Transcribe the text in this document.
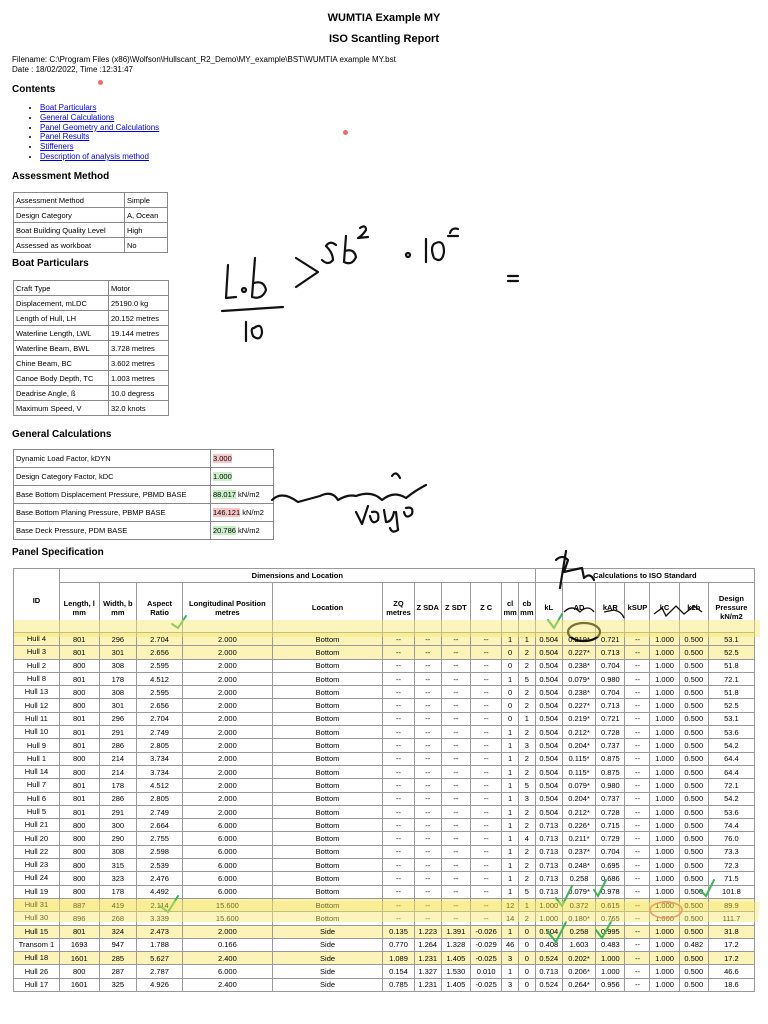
WUMTIA Example MY
ISO Scantling Report
Filename: C:\Program Files (x86)\Wolfson\Hullscant_R2_Demo\MY_example\BST\WUMTIA example MY.bst
Date : 18/02/2022, Time :12:31:47
Contents
• Boat Particulars
• General Calculations
• Panel Geometry and Calculations
• Panel Results
• Stiffeners
• Description of analysis method
Assessment Method
Assessment Method	Simple
Design Category	A, Ocean
Boat Building Quality Level	High
Assessed as workboat	No
Boat Particulars
Craft Type	Motor
Displacement, mLDC	25190.0 kg
Length of Hull, LH	20.152 metres
Waterline Length, LWL	19.144 metres
Waterline Beam, BWL	3.728 metres
Chine Beam, BC	3.602 metres
Canoe Body Depth, TC	1.003 metres
Deadrise Angle, ß	10.0 degress
Maximum Speed, V	32.0 knots
General Calculations
Dynamic Load Factor, kDYN	3.000
Design Category Factor, kDC	1.000
Base Bottom Displacement Pressure, PBMD BASE	88.017 kN/m2
Base Bottom Planing Pressure, PBMP BASE	146.121 kN/m2
Base Deck Pressure, PDM BASE	20.786 kN/m2
Panel Specification
ID	Dimensions and Location											Calculations to ISO Standard						
	Length, l mm	Width, b mm	Aspect Ratio	Longitudinal Position metres	Location	ZQ metres	Z SDA	Z SDT	Z C	cl mm	cb mm	kL	AD	kAR	kSUP	kC	k2b	Design Pressure kN/m2
Hull 4	801	296	2.704	2.000	Bottom	--	--	--	--	1	1	0.504	0.219*	0.721	--	1.000	0.500	53.1
Hull 3	801	301	2.656	2.000	Bottom	--	--	--	--	0	2	0.504	0.227*	0.713	--	1.000	0.500	52.5
Hull 2	800	308	2.595	2.000	Bottom	--	--	--	--	0	2	0.504	0.238*	0.704	--	1.000	0.500	51.8
Hull 8	801	178	4.512	2.000	Bottom	--	--	--	--	1	5	0.504	0.079*	0.980	--	1.000	0.500	72.1
Hull 13	800	308	2.595	2.000	Bottom	--	--	--	--	0	2	0.504	0.238*	0.704	--	1.000	0.500	51.8
Hull 12	800	301	2.656	2.000	Bottom	--	--	--	--	0	2	0.504	0.227*	0.713	--	1.000	0.500	52.5
Hull 11	801	296	2.704	2.000	Bottom	--	--	--	--	0	1	0.504	0.219*	0.721	--	1.000	0.500	53.1
Hull 10	801	291	2.749	2.000	Bottom	--	--	--	--	1	2	0.504	0.212*	0.728	--	1.000	0.500	53.6
Hull 9	801	286	2.805	2.000	Bottom	--	--	--	--	1	3	0.504	0.204*	0.737	--	1.000	0.500	54.2
Hull 1	800	214	3.734	2.000	Bottom	--	--	--	--	1	2	0.504	0.115*	0.875	--	1.000	0.500	64.4
Hull 14	800	214	3.734	2.000	Bottom	--	--	--	--	1	2	0.504	0.115*	0.875	--	1.000	0.500	64.4
Hull 7	801	178	4.512	2.000	Bottom	--	--	--	--	1	5	0.504	0.079*	0.980	--	1.000	0.500	72.1
Hull 6	801	286	2.805	2.000	Bottom	--	--	--	--	1	3	0.504	0.204*	0.737	--	1.000	0.500	54.2
Hull 5	801	291	2.749	2.000	Bottom	--	--	--	--	1	2	0.504	0.212*	0.728	--	1.000	0.500	53.6
Hull 21	800	300	2.664	6.000	Bottom	--	--	--	--	1	2	0.713	0.226*	0.715	--	1.000	0.500	74.4
Hull 20	800	290	2.755	6.000	Bottom	--	--	--	--	1	4	0.713	0.211*	0.729	--	1.000	0.500	76.0
Hull 22	800	308	2.598	6.000	Bottom	--	--	--	--	1	2	0.713	0.237*	0.704	--	1.000	0.500	73.3
Hull 23	800	315	2.539	6.000	Bottom	--	--	--	--	1	2	0.713	0.248*	0.695	--	1.000	0.500	72.3
Hull 24	800	323	2.476	6.000	Bottom	--	--	--	--	1	2	0.713	0.258	0.686	--	1.000	0.500	71.5
Hull 19	800	178	4.492	6.000	Bottom	--	--	--	--	1	5	0.713	0.079*	0.978	--	1.000	0.500	101.8
Hull 31	887	419	2.114	15.600	Bottom	--	--	--	--	12	1	1.000	0.372	0.615	--	1.000	0.500	89.9
Hull 30	896	268	3.339	15.600	Bottom	--	--	--	--	14	2	1.000	0.180*	0.765	--	1.000	0.500	111.7
Hull 15	801	324	2.473	2.000	Side	0.135	1.223	1.391	-0.026	1	0	0.504	0.258	0.995	--	1.000	0.500	31.8
Transom 1	1693	947	1.788	0.166	Side	0.770	1.264	1.328	-0.029	46	0	0.408	1.603	0.483	--	1.000	0.482	17.2
Hull 18	1601	285	5.627	2.400	Side	1.089	1.231	1.405	-0.025	3	0	0.524	0.202*	1.000	--	1.000	0.500	17.2
Hull 26	800	287	2.787	6.000	Side	0.154	1.327	1.530	0.010	1	0	0.713	0.206*	1.000	--	1.000	0.500	46.6
Hull 17	1601	325	4.926	2.400	Side	0.785	1.231	1.405	-0.025	3	0	0.524	0.264*	0.956	--	1.000	0.500	18.6
